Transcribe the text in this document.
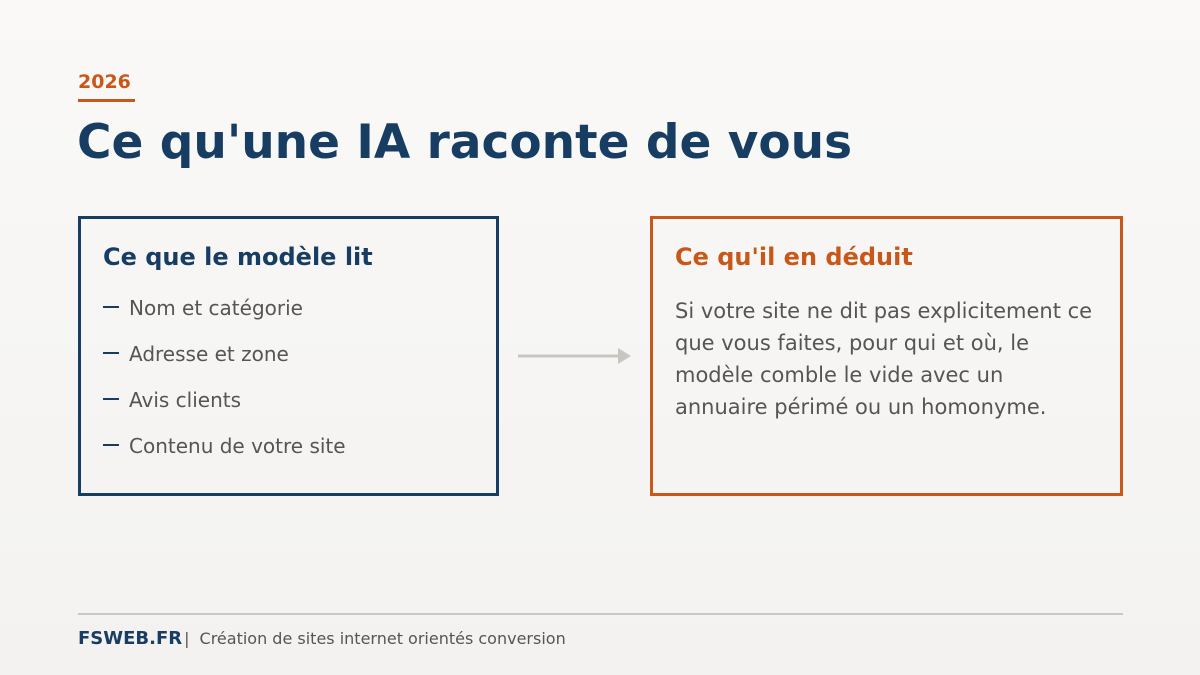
2026
Ce qu'une IA raconte de vous
Ce que le modèle lit
Nom et catégorie
Adresse et zone
Avis clients
Contenu de votre site
Ce qu'il en déduit

Si votre site ne dit pas explicitement ce que vous faites, pour qui et où, le modèle comble le vide avec un annuaire périmé ou un homonyme.

FSWEB.FR | Création de sites internet orientés conversion
